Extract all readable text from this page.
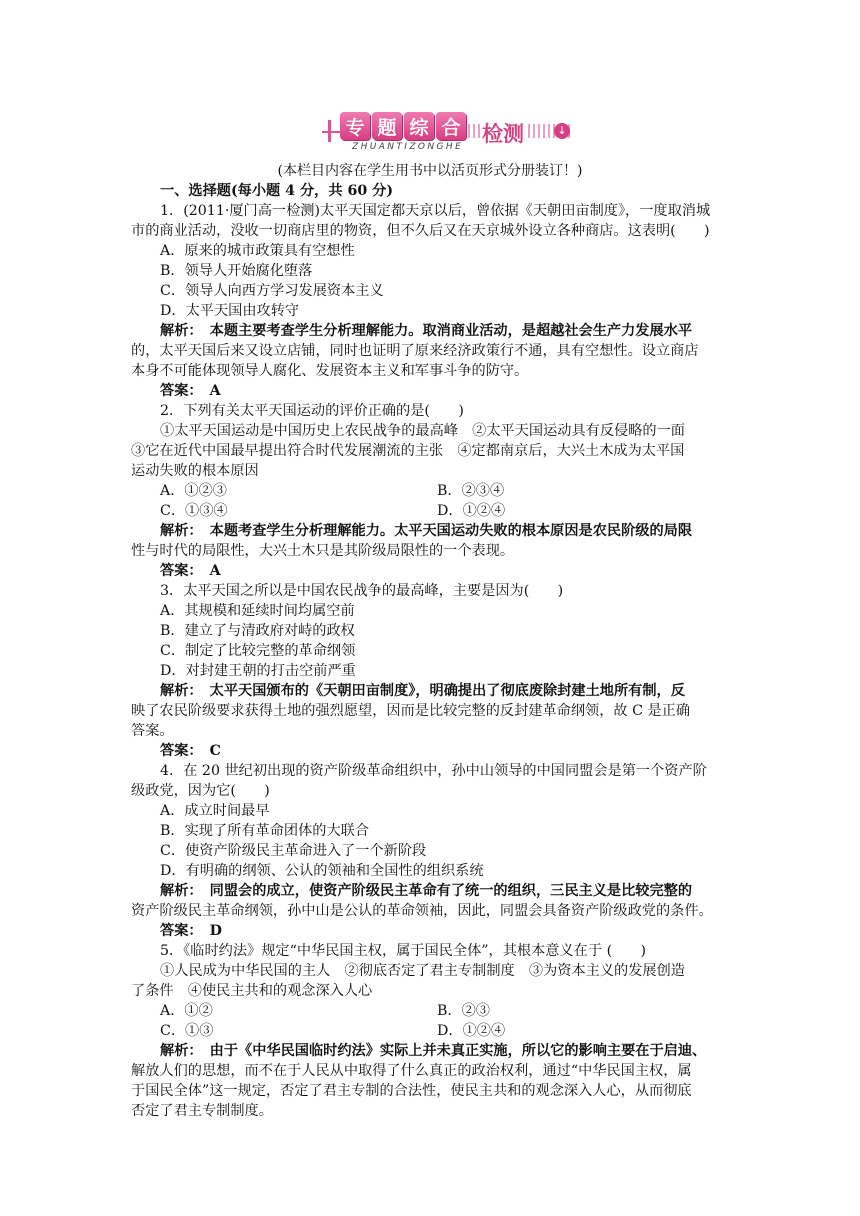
专 题 综 合
ZHUANTIZONGHE
检测	↓
(本栏目内容在学生用书中以活页形式分册装订！)
一、选择题(每小题 4 分，共 60 分)
1．(2011·厦门高一检测)太平天国定都天京以后，曾依据《天朝田亩制度》，一度取消城
市的商业活动，没收一切商店里的物资，但不久后又在天京城外设立各种商店。这表明(　　)
A．原来的城市政策具有空想性
B．领导人开始腐化堕落
C．领导人向西方学习发展资本主义
D．太平天国由攻转守
解析：　本题主要考查学生分析理解能力。取消商业活动，是超越社会生产力发展水平
的，太平天国后来又设立店铺，同时也证明了原来经济政策行不通，具有空想性。设立商店
本身不可能体现领导人腐化、发展资本主义和军事斗争的防守。
答案：　A
2．下列有关太平天国运动的评价正确的是(　　)
①太平天国运动是中国历史上农民战争的最高峰　②太平天国运动具有反侵略的一面
③它在近代中国最早提出符合时代发展潮流的主张　④定都南京后，大兴土木成为太平国
运动失败的根本原因
A．①②③	B．②③④
C．①③④	D．①②④
解析：　本题考查学生分析理解能力。太平天国运动失败的根本原因是农民阶级的局限
性与时代的局限性，大兴土木只是其阶级局限性的一个表现。
答案：　A
3．太平天国之所以是中国农民战争的最高峰，主要是因为(　　)
A．其规模和延续时间均属空前
B．建立了与清政府对峙的政权
C．制定了比较完整的革命纲领
D．对封建王朝的打击空前严重
解析：　太平天国颁布的《天朝田亩制度》，明确提出了彻底废除封建土地所有制，反
映了农民阶级要求获得土地的强烈愿望，因而是比较完整的反封建革命纲领，故 C 是正确
答案。
答案：　C
4．在 20 世纪初出现的资产阶级革命组织中，孙中山领导的中国同盟会是第一个资产阶
级政党，因为它(　　)
A．成立时间最早
B．实现了所有革命团体的大联合
C．使资产阶级民主革命进入了一个新阶段
D．有明确的纲领、公认的领袖和全国性的组织系统
解析：　同盟会的成立，使资产阶级民主革命有了统一的组织，三民主义是比较完整的
资产阶级民主革命纲领，孙中山是公认的革命领袖，因此，同盟会具备资产阶级政党的条件。
答案：　D
5．《临时约法》规定“中华民国主权，属于国民全体”，其根本意义在于 (　　)
①人民成为中华民国的主人　②彻底否定了君主专制制度　③为资本主义的发展创造
了条件　④使民主共和的观念深入人心
A．①②	B．②③
C．①③	D．①②④
解析：　由于《中华民国临时约法》实际上并未真正实施，所以它的影响主要在于启迪、
解放人们的思想，而不在于人民从中取得了什么真正的政治权利，通过“中华民国主权，属
于国民全体”这一规定，否定了君主专制的合法性，使民主共和的观念深入人心，从而彻底
否定了君主专制制度。
